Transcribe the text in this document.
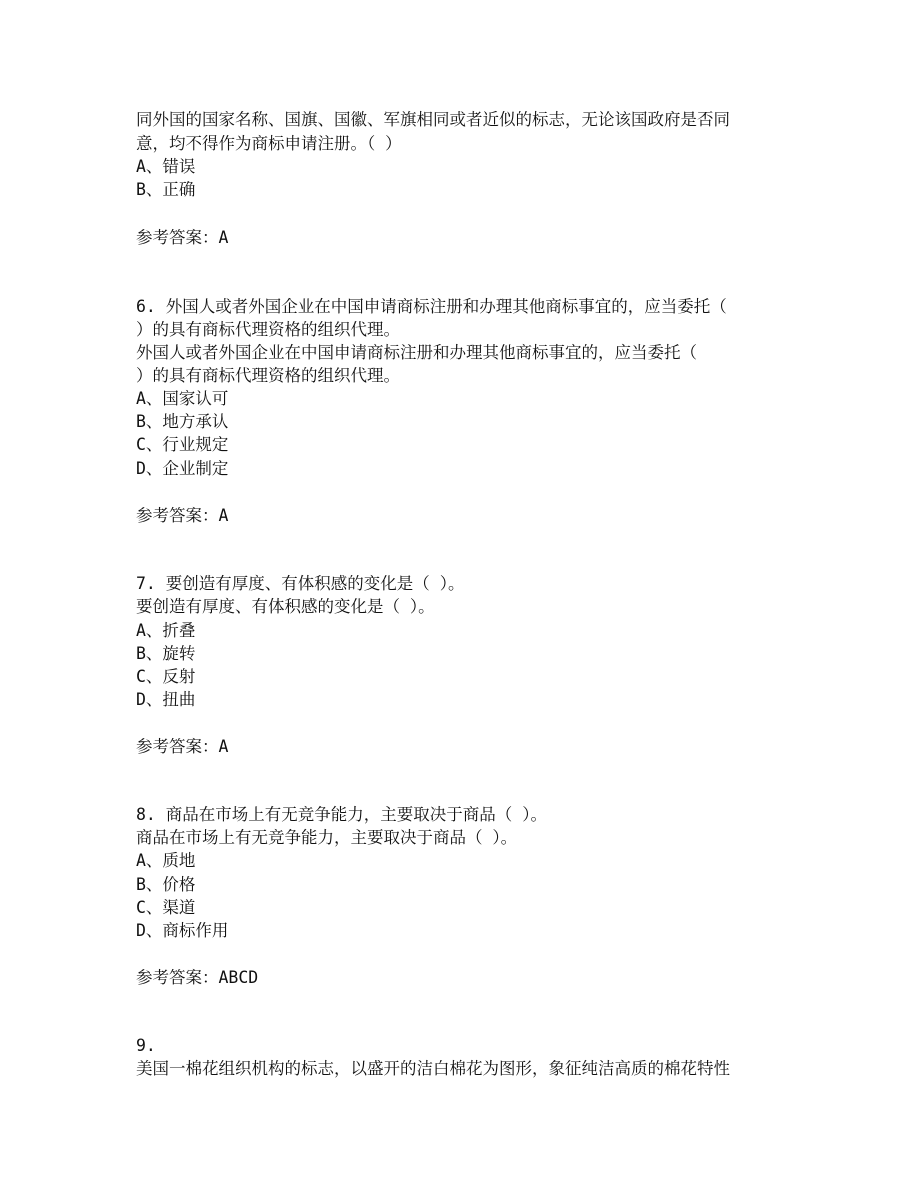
同外国的国家名称、国旗、国徽、军旗相同或者近似的标志，无论该国政府是否同
意，均不得作为商标申请注册。（ ）
A、错误
B、正确
参考答案：A
6. 外国人或者外国企业在中国申请商标注册和办理其他商标事宜的，应当委托（
）的具有商标代理资格的组织代理。
外国人或者外国企业在中国申请商标注册和办理其他商标事宜的，应当委托（
）的具有商标代理资格的组织代理。
A、国家认可
B、地方承认
C、行业规定
D、企业制定
参考答案：A
7. 要创造有厚度、有体积感的变化是（ ）。
要创造有厚度、有体积感的变化是（ ）。
A、折叠
B、旋转
C、反射
D、扭曲
参考答案：A
8. 商品在市场上有无竞争能力，主要取决于商品（ ）。
商品在市场上有无竞争能力，主要取决于商品（ ）。
A、质地
B、价格
C、渠道
D、商标作用
参考答案：ABCD
9.
美国一棉花组织机构的标志，以盛开的洁白棉花为图形，象征纯洁高质的棉花特性
